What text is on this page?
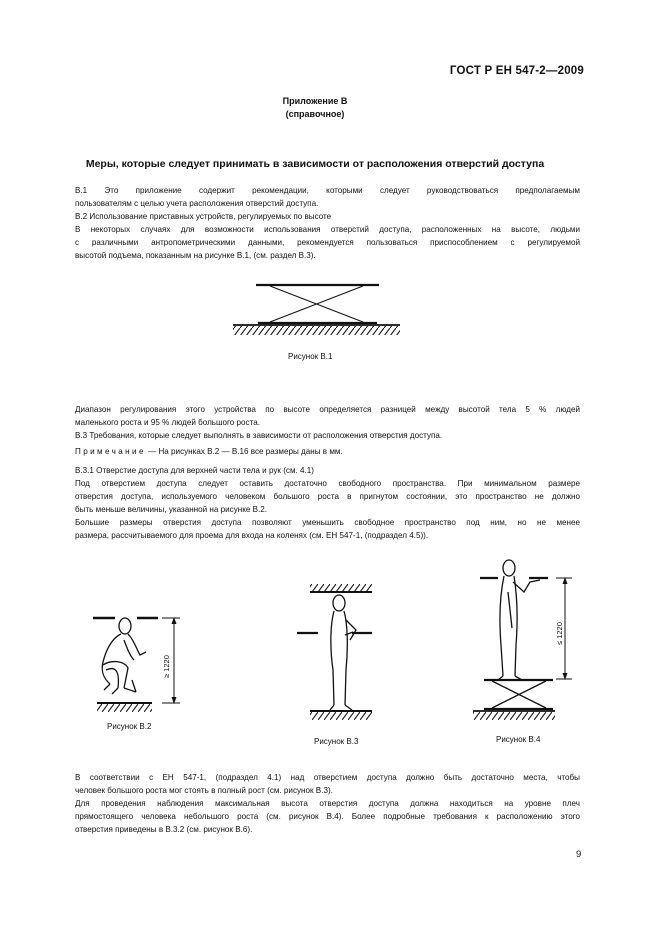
ГОСТ Р ЕН 547-2—2009
Приложение В
(справочное)
Меры, которые следует принимать в зависимости от расположения отверстий доступа
В.1 Это приложение содержит рекомендации, которыми следует руководствоваться предполагаемым
пользователям с целью учета расположения отверстий доступа.
В.2 Использование приставных устройств, регулируемых по высоте
В некоторых случаях для возможности использования отверстий доступа, расположенных на высоте, людьми
с различными антропометрическими данными, рекомендуется пользоваться приспособлением с регулируемой
высотой подъема, показанным на рисунке В.1, (см. раздел В.3).
Рисунок В.1
Диапазон регулирования этого устройства по высоте определяется разницей между высотой тела 5 % людей
маленького роста и 95 % людей большого роста.
В.3 Требования, которые следует выполнять в зависимости от расположения отверстия доступа.
Примечание — На рисунках В.2 — В.16 все размеры даны в мм.
В.3.1 Отверстие доступа для верхней части тела и рук (см. 4.1)
Под отверстием доступа следует оставить достаточно свободного пространства. При минимальном размере
отверстия доступа, используемого человеком большого роста в пригнутом состоянии, это пространство не должно
быть меньше величины, указанной на рисунке В.2.
Большие размеры отверстия доступа позволяют уменьшить свободное пространство под ним, но не менее
размера, рассчитываемого для проема для входа на коленях (см. ЕН 547-1, (подраздел 4.5)).
Рисунок В.2
Рисунок В.3	Рисунок В.4
В соответствии с ЕН 547-1, (подраздел 4.1) над отверстием доступа должно быть достаточно места, чтобы
человек большого роста мог стоять в полный рост (см. рисунок В.3).
Для проведения наблюдения максимальная высота отверстия доступа должна находиться на уровне плеч
прямостоящего человека небольшого роста (см. рисунок В.4). Более подробные требования к расположению этого
отверстия приведены в В.3.2 (см. рисунок В.6).
9
≥ 1220
≤ 1220
